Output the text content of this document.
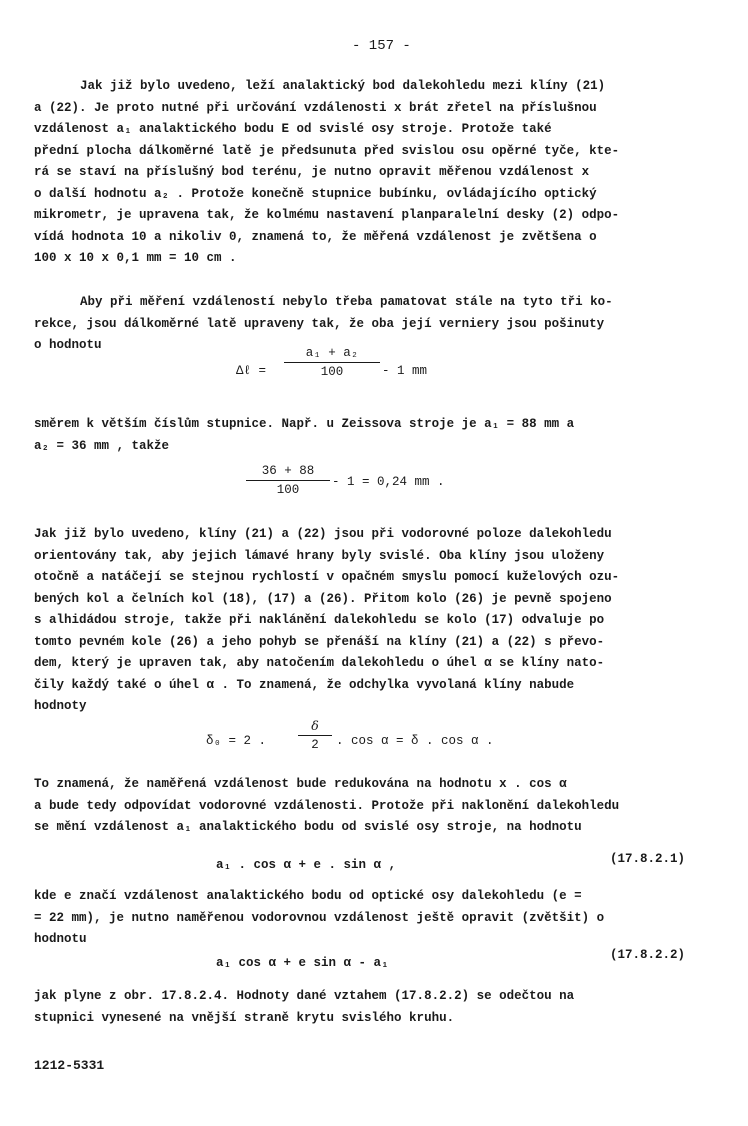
- 157 -
Jak již bylo uvedeno, leží analaktický bod dalekohledu mezi klíny (21)
a (22). Je proto nutné při určování vzdálenosti x brát zřetel na příslušnou
vzdálenost a₁ analaktického bodu E od svislé osy stroje. Protože také
přední plocha dálkoměrné latě je předsunuta před svislou osu opěrné tyče, kte-
rá se staví na příslušný bod terénu, je nutno opravit měřenou vzdálenost x
o další hodnotu a₂ . Protože konečně stupnice bubínku, ovládajícího optický
mikrometr, je upravena tak, že kolmému nastavení planparalelní desky (2) odpo-
vídá hodnota 10 a nikoliv 0, znamená to, že měřená vzdálenost je zvětšena o
100 x 10 x 0,1 mm = 10 cm .
Aby při měření vzdáleností nebylo třeba pamatovat stále na tyto tři ko-
rekce, jsou dálkoměrné latě upraveny tak, že oba její verniery jsou pošinuty
o hodnotu
Δℓ = $\frac{\text{a₁ + a₂}}{100} - 1$ mm
směrem k větším číslům stupnice. Např. u Zeissova stroje je a₁ = 88 mm a
a₂ = 36 mm , takže
$\frac{36 + 88}{100} - 1 = 0,24$ mm .
Jak již bylo uvedeno, klíny (21) a (22) jsou při vodorovné poloze dalekohledu
orientovány tak, aby jejich lámavé hrany byly svislé. Oba klíny jsou uloženy
otočně a natáčejí se stejnou rychlostí v opačném smyslu pomocí kuželových ozu-
bených kol a čelních kol (18), (17) a (26). Přitom kolo (26) je pevně spojeno
s alhidádou stroje, takže při naklánění dalekohledu se kolo (17) odvaluje po
tomto pevném kole (26) a jeho pohyb se přenáší na klíny (21) a (22) s převo-
dem, který je upraven tak, aby natočením dalekohledu o úhel α se klíny nato-
čily každý také o úhel α . To znamená, že odchylka vyvolaná klíny nabude
hodnoty
δ₀ = 2 .	$\frac{\delta}{2}$ . cos α = δ . cos α .
To znamená, že naměřená vzdálenost bude redukována na hodnotu x . cos α
a bude tedy odpovídat vodorovné vzdálenosti. Protože při naklonění dalekohledu
se mění vzdálenost a₁ analaktického bodu od svislé osy stroje, na hodnotu
a₁ . cos α + e . sin α ,	(17.8.2.1)
kde e značí vzdálenost analaktického bodu od optické osy dalekohledu (e =
= 22 mm), je nutno naměřenou vodorovnou vzdálenost ještě opravit (zvětšit) o
hodnotu
a₁ cos α + e sin α - a₁
(17.8.2.2)
jak plyne z obr. 17.8.2.4. Hodnoty dané vztahem (17.8.2.2) se odečtou na
stupnici vynesené na vnější straně krytu svislého kruhu.
1212-5331
